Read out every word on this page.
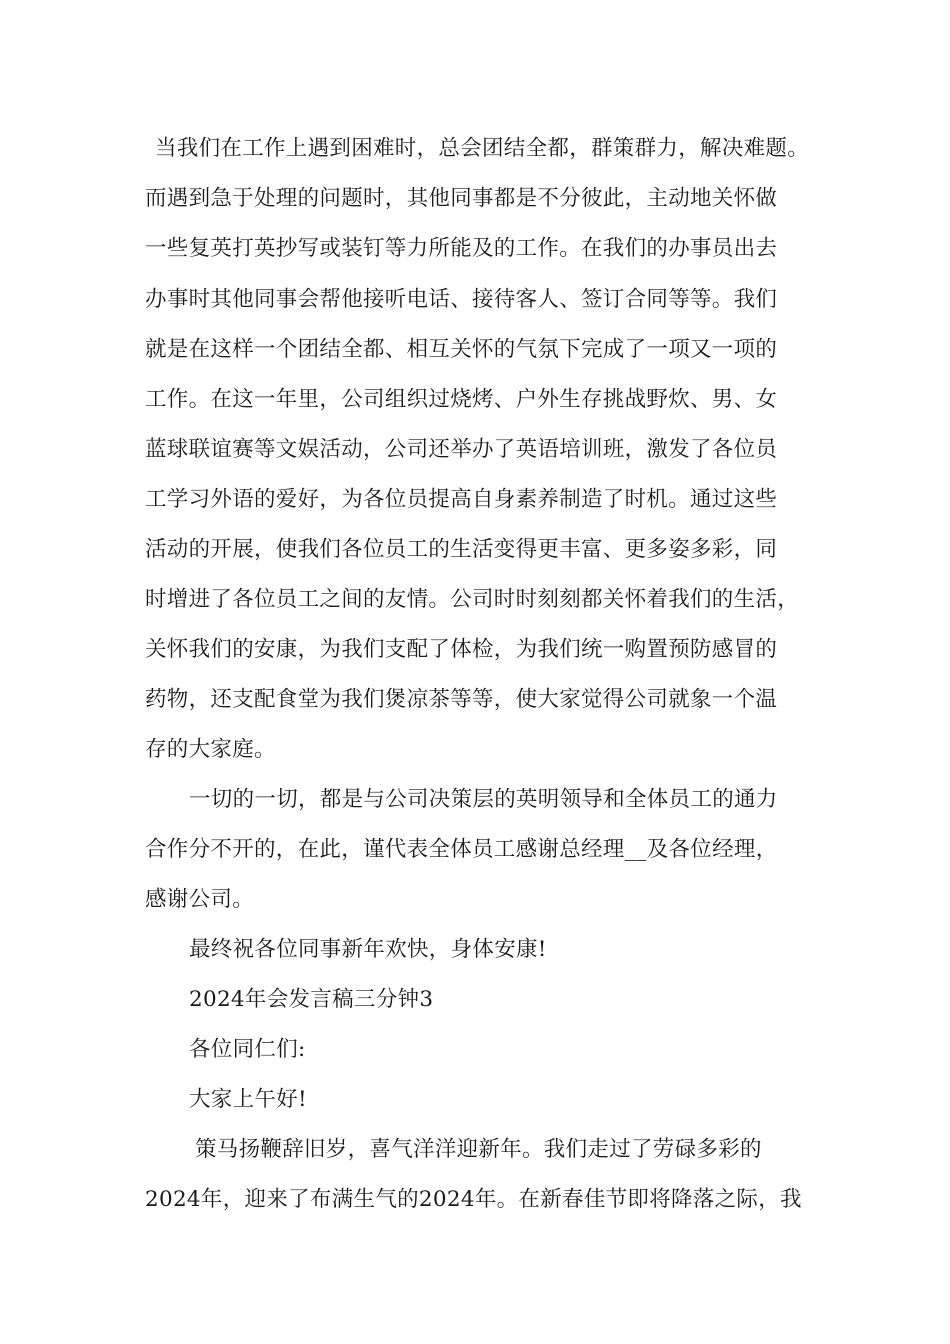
当我们在工作上遇到困难时，总会团结全都，群策群力，解决难题。

而遇到急于处理的问题时，其他同事都是不分彼此，主动地关怀做

一些复英打英抄写或装钉等力所能及的工作。在我们的办事员出去

办事时其他同事会帮他接听电话、接待客人、签订合同等等。我们

就是在这样一个团结全都、相互关怀的气氛下完成了一项又一项的

工作。在这一年里，公司组织过烧烤、户外生存挑战野炊、男、女

蓝球联谊赛等文娱活动，公司还举办了英语培训班，激发了各位员

工学习外语的爱好，为各位员提高自身素养制造了时机。通过这些

活动的开展，使我们各位员工的生活变得更丰富、更多姿多彩，同

时增进了各位员工之间的友情。公司时时刻刻都关怀着我们的生活，

关怀我们的安康，为我们支配了体检，为我们统一购置预防感冒的

药物，还支配食堂为我们煲凉茶等等，使大家觉得公司就象一个温

存的大家庭。

一切的一切，都是与公司决策层的英明领导和全体员工的通力

合作分不开的，在此，谨代表全体员工感谢总经理__及各位经理，

感谢公司。

最终祝各位同事新年欢快，身体安康!

2024年会发言稿三分钟3

各位同仁们:

大家上午好!

策马扬鞭辞旧岁，喜气洋洋迎新年。我们走过了劳碌多彩的

2024年，迎来了布满生气的2024年。在新春佳节即将降落之际，我
